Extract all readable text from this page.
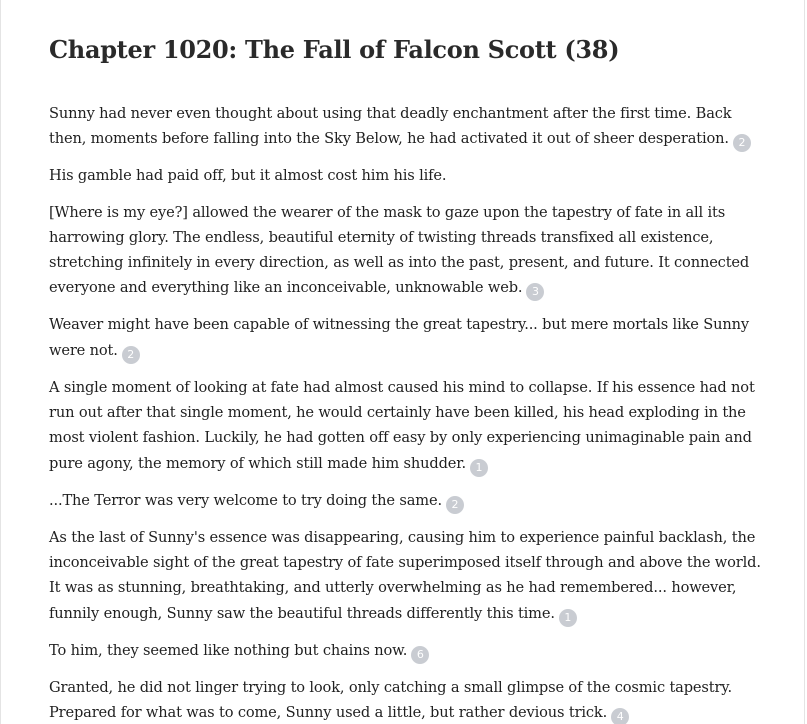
Chapter 1020: The Fall of Falcon Scott (38)

Sunny had never even thought about using that deadly enchantment after the first time. Back then, moments before falling into the Sky Below, he had activated it out of sheer desperation. 2

His gamble had paid off, but it almost cost him his life.

[Where is my eye?] allowed the wearer of the mask to gaze upon the tapestry of fate in all its harrowing glory. The endless, beautiful eternity of twisting threads transfixed all existence, stretching infinitely in every direction, as well as into the past, present, and future. It connected everyone and everything like an inconceivable, unknowable web. 3

Weaver might have been capable of witnessing the great tapestry... but mere mortals like Sunny were not. 2

A single moment of looking at fate had almost caused his mind to collapse. If his essence had not run out after that single moment, he would certainly have been killed, his head exploding in the most violent fashion. Luckily, he had gotten off easy by only experiencing unimaginable pain and pure agony, the memory of which still made him shudder. 1

...The Terror was very welcome to try doing the same. 2

As the last of Sunny's essence was disappearing, causing him to experience painful backlash, the inconceivable sight of the great tapestry of fate superimposed itself through and above the world. It was as stunning, breathtaking, and utterly overwhelming as he had remembered... however, funnily enough, Sunny saw the beautiful threads differently this time. 1

To him, they seemed like nothing but chains now. 6

Granted, he did not linger trying to look, only catching a small glimpse of the cosmic tapestry. Prepared for what was to come, Sunny used a little, but rather devious trick. 4
